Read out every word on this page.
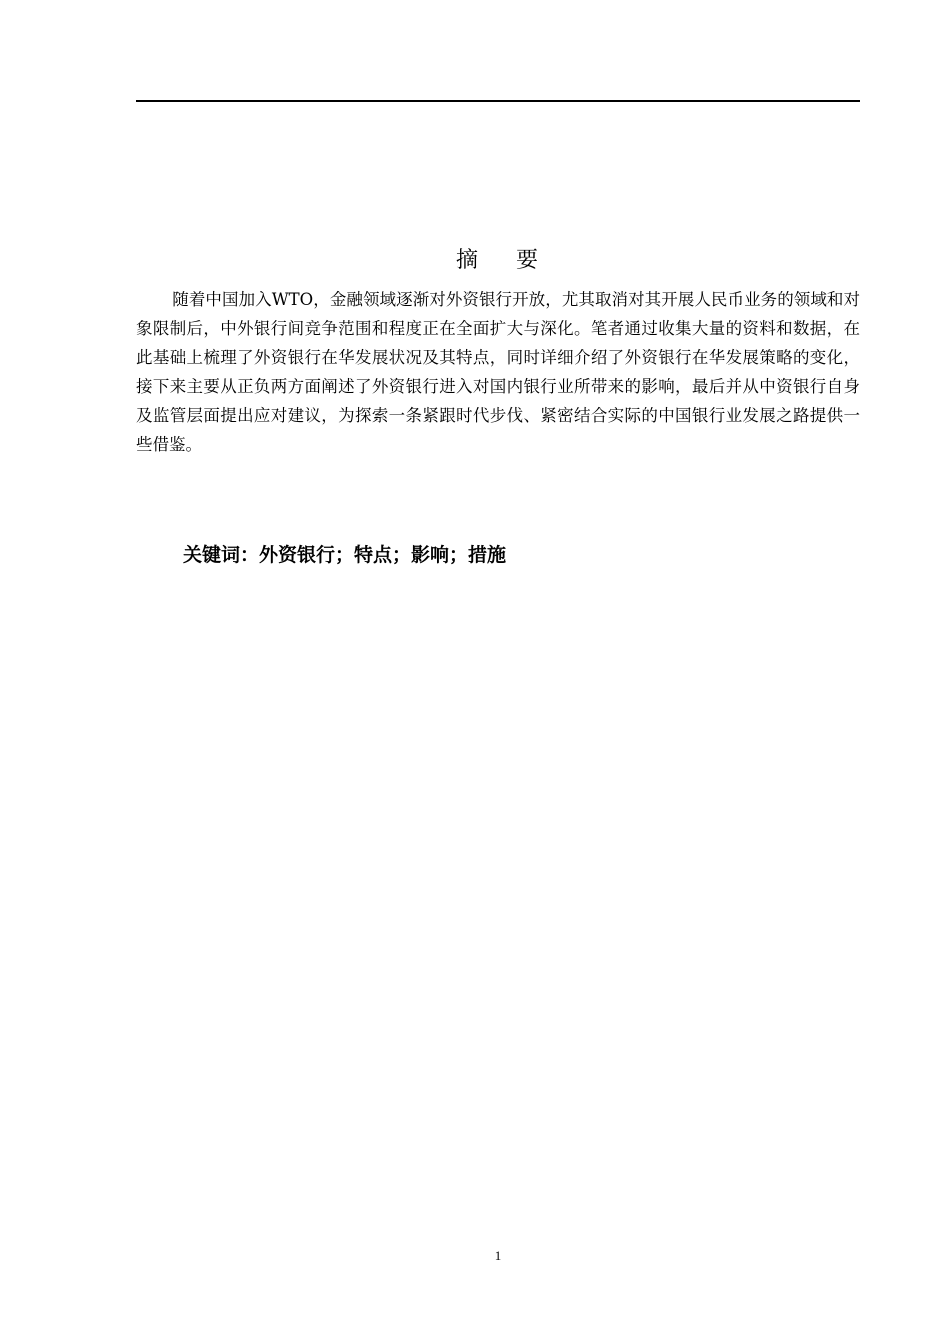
摘    要

随着中国加入WTO，金融领域逐渐对外资银行开放，尤其取消对其开展人民币业务的领域和对象限制后，中外银行间竞争范围和程度正在全面扩大与深化。笔者通过收集大量的资料和数据，在此基础上梳理了外资银行在华发展状况及其特点，同时详细介绍了外资银行在华发展策略的变化，接下来主要从正负两方面阐述了外资银行进入对国内银行业所带来的影响，最后并从中资银行自身及监管层面提出应对建议，为探索一条紧跟时代步伐、紧密结合实际的中国银行业发展之路提供一些借鉴。

关键词：外资银行；特点；影响；措施
1
